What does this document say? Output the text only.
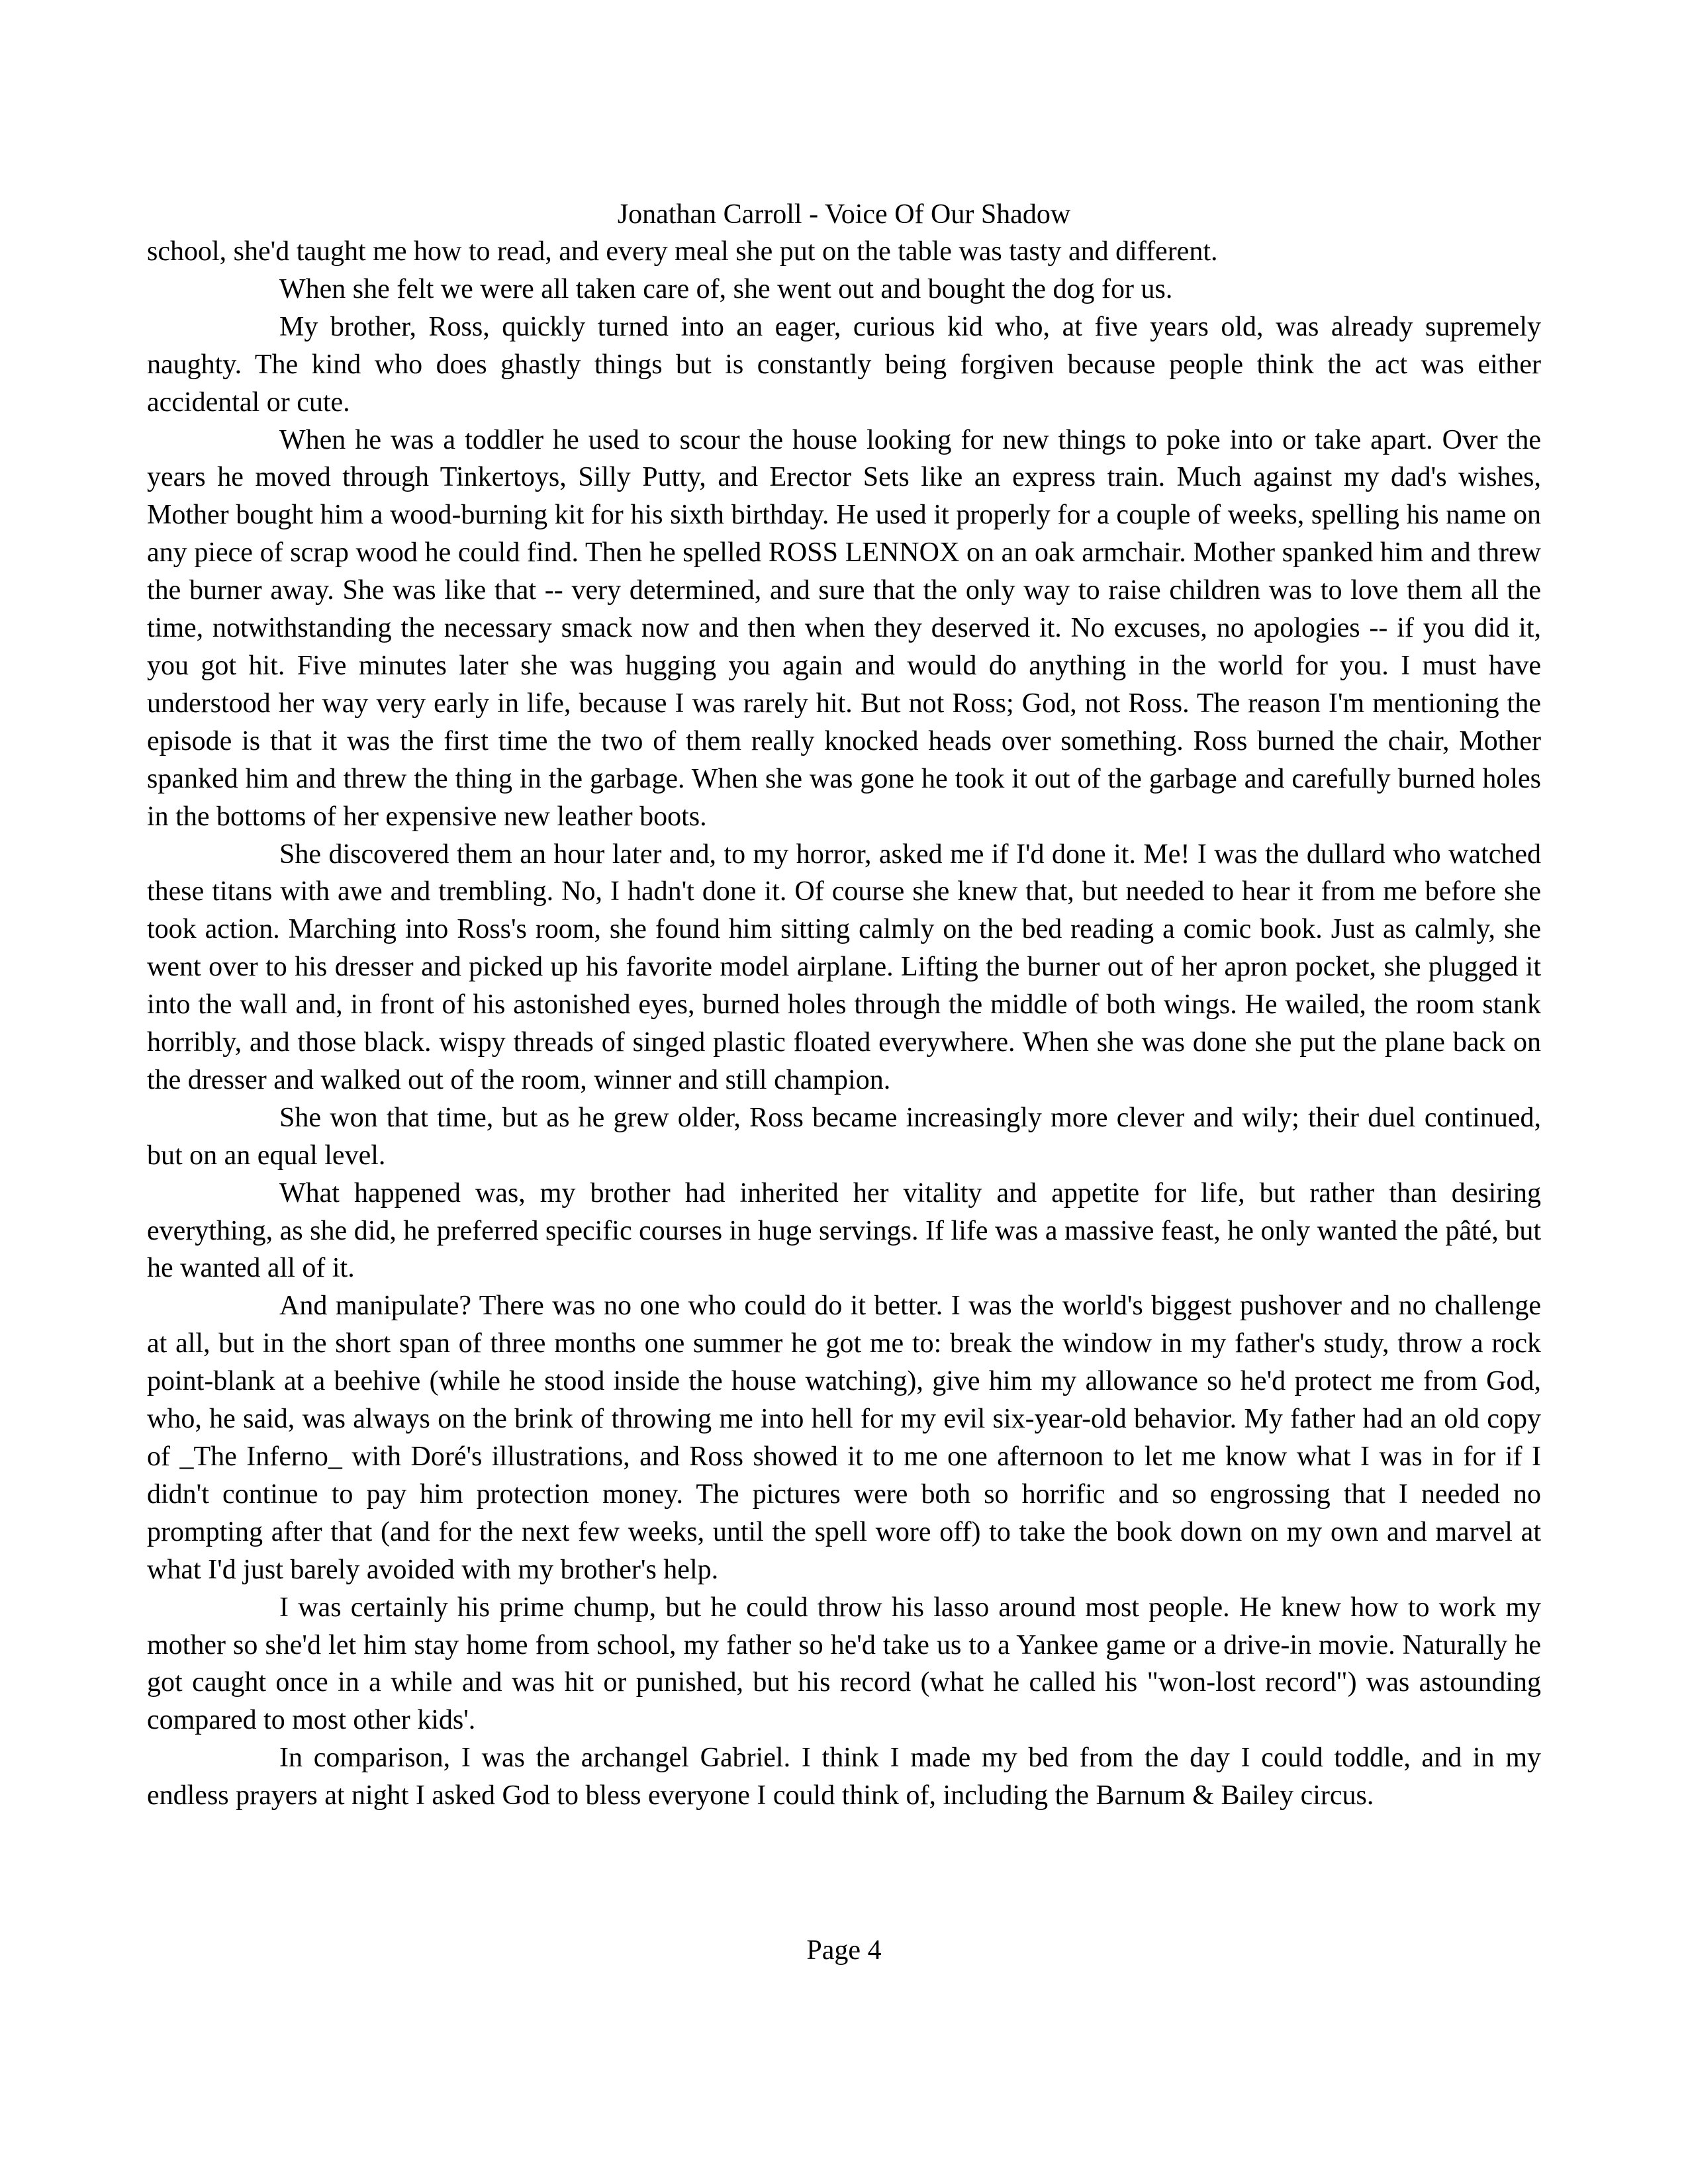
Jonathan Carroll - Voice Of Our Shadow

school, she'd taught me how to read, and every meal she put on the table was tasty and different.

When she felt we were all taken care of, she went out and bought the dog for us.

My brother, Ross, quickly turned into an eager, curious kid who, at five years old, was already supremely naughty. The kind who does ghastly things but is constantly being forgiven because people think the act was either accidental or cute.

When he was a toddler he used to scour the house looking for new things to poke into or take apart. Over the years he moved through Tinkertoys, Silly Putty, and Erector Sets like an express train. Much against my dad's wishes, Mother bought him a wood-burning kit for his sixth birthday. He used it properly for a couple of weeks, spelling his name on any piece of scrap wood he could find. Then he spelled ROSS LENNOX on an oak armchair. Mother spanked him and threw the burner away. She was like that -- very determined, and sure that the only way to raise children was to love them all the time, notwithstanding the necessary smack now and then when they deserved it. No excuses, no apologies -- if you did it, you got hit. Five minutes later she was hugging you again and would do anything in the world for you. I must have understood her way very early in life, because I was rarely hit. But not Ross; God, not Ross. The reason I'm mentioning the episode is that it was the first time the two of them really knocked heads over something. Ross burned the chair, Mother spanked him and threw the thing in the garbage. When she was gone he took it out of the garbage and carefully burned holes in the bottoms of her expensive new leather boots.

She discovered them an hour later and, to my horror, asked me if I'd done it. Me! I was the dullard who watched these titans with awe and trembling. No, I hadn't done it. Of course she knew that, but needed to hear it from me before she took action. Marching into Ross's room, she found him sitting calmly on the bed reading a comic book. Just as calmly, she went over to his dresser and picked up his favorite model airplane. Lifting the burner out of her apron pocket, she plugged it into the wall and, in front of his astonished eyes, burned holes through the middle of both wings. He wailed, the room stank horribly, and those black. wispy threads of singed plastic floated everywhere. When she was done she put the plane back on the dresser and walked out of the room, winner and still champion.

She won that time, but as he grew older, Ross became increasingly more clever and wily; their duel continued, but on an equal level.

What happened was, my brother had inherited her vitality and appetite for life, but rather than desiring everything, as she did, he preferred specific courses in huge servings. If life was a massive feast, he only wanted the pâté, but he wanted all of it.

And manipulate? There was no one who could do it better. I was the world's biggest pushover and no challenge at all, but in the short span of three months one summer he got me to: break the window in my father's study, throw a rock point-blank at a beehive (while he stood inside the house watching), give him my allowance so he'd protect me from God, who, he said, was always on the brink of throwing me into hell for my evil six-year-old behavior. My father had an old copy of _The Inferno_ with Doré's illustrations, and Ross showed it to me one afternoon to let me know what I was in for if I didn't continue to pay him protection money. The pictures were both so horrific and so engrossing that I needed no prompting after that (and for the next few weeks, until the spell wore off) to take the book down on my own and marvel at what I'd just barely avoided with my brother's help.

I was certainly his prime chump, but he could throw his lasso around most people. He knew how to work my mother so she'd let him stay home from school, my father so he'd take us to a Yankee game or a drive-in movie. Naturally he got caught once in a while and was hit or punished, but his record (what he called his "won-lost record") was astounding compared to most other kids'.

In comparison, I was the archangel Gabriel. I think I made my bed from the day I could toddle, and in my endless prayers at night I asked God to bless everyone I could think of, including the Barnum & Bailey circus.

Page 4
